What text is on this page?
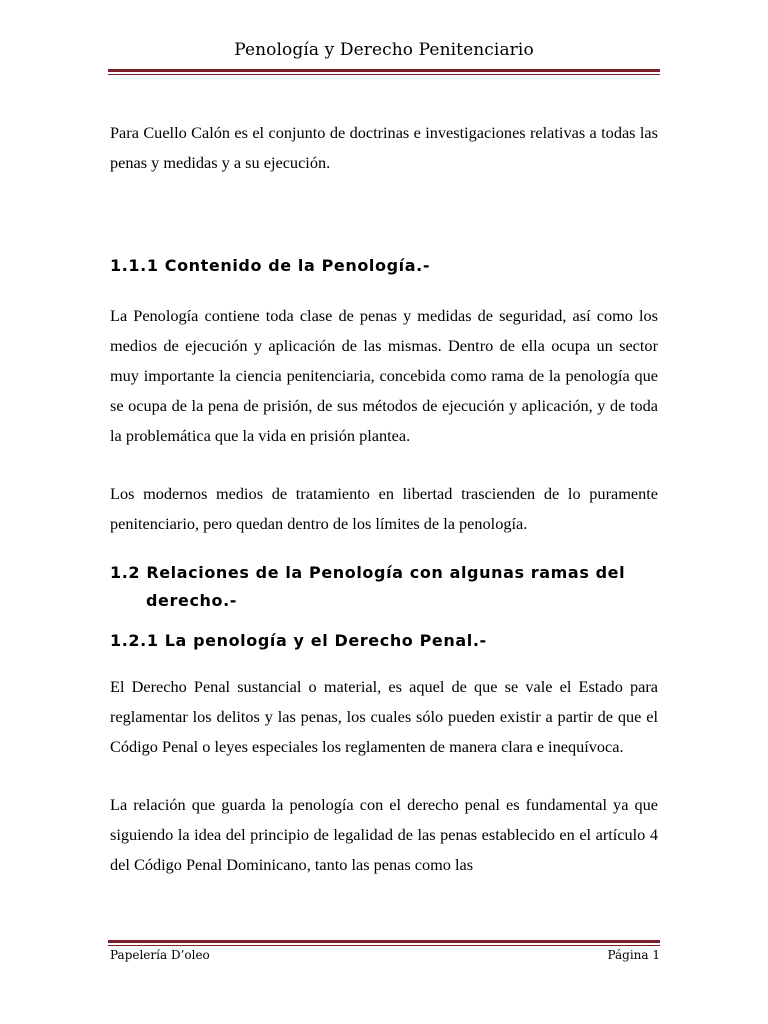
Penología y Derecho Penitenciario

Para Cuello Calón es el conjunto de doctrinas e investigaciones relativas a todas las penas y medidas y a su ejecución.

1.1.1 Contenido de la Penología.-

La Penología contiene toda clase de penas y medidas de seguridad, así como los medios de ejecución y aplicación de las mismas. Dentro de ella ocupa un sector muy importante la ciencia penitenciaria, concebida como rama de la penología que se ocupa de la pena de prisión, de sus métodos de ejecución y aplicación, y de toda la problemática que la vida en prisión plantea.

Los modernos medios de tratamiento en libertad trascienden de lo puramente penitenciario, pero quedan dentro de los límites de la penología.

1.2 Relaciones de la Penología con algunas ramas del
derecho.-
1.2.1 La penología y el Derecho Penal.-

El Derecho Penal sustancial o material, es aquel de que se vale el Estado para reglamentar los delitos y las penas, los cuales sólo pueden existir a partir de que el Código Penal o leyes especiales los reglamenten de manera clara e inequívoca.

La relación que guarda la penología con el derecho penal es fundamental ya que siguiendo la idea del principio de legalidad de las penas establecido en el artículo 4 del Código Penal Dominicano, tanto las penas como las

Papelería D’oleo	Página 1
